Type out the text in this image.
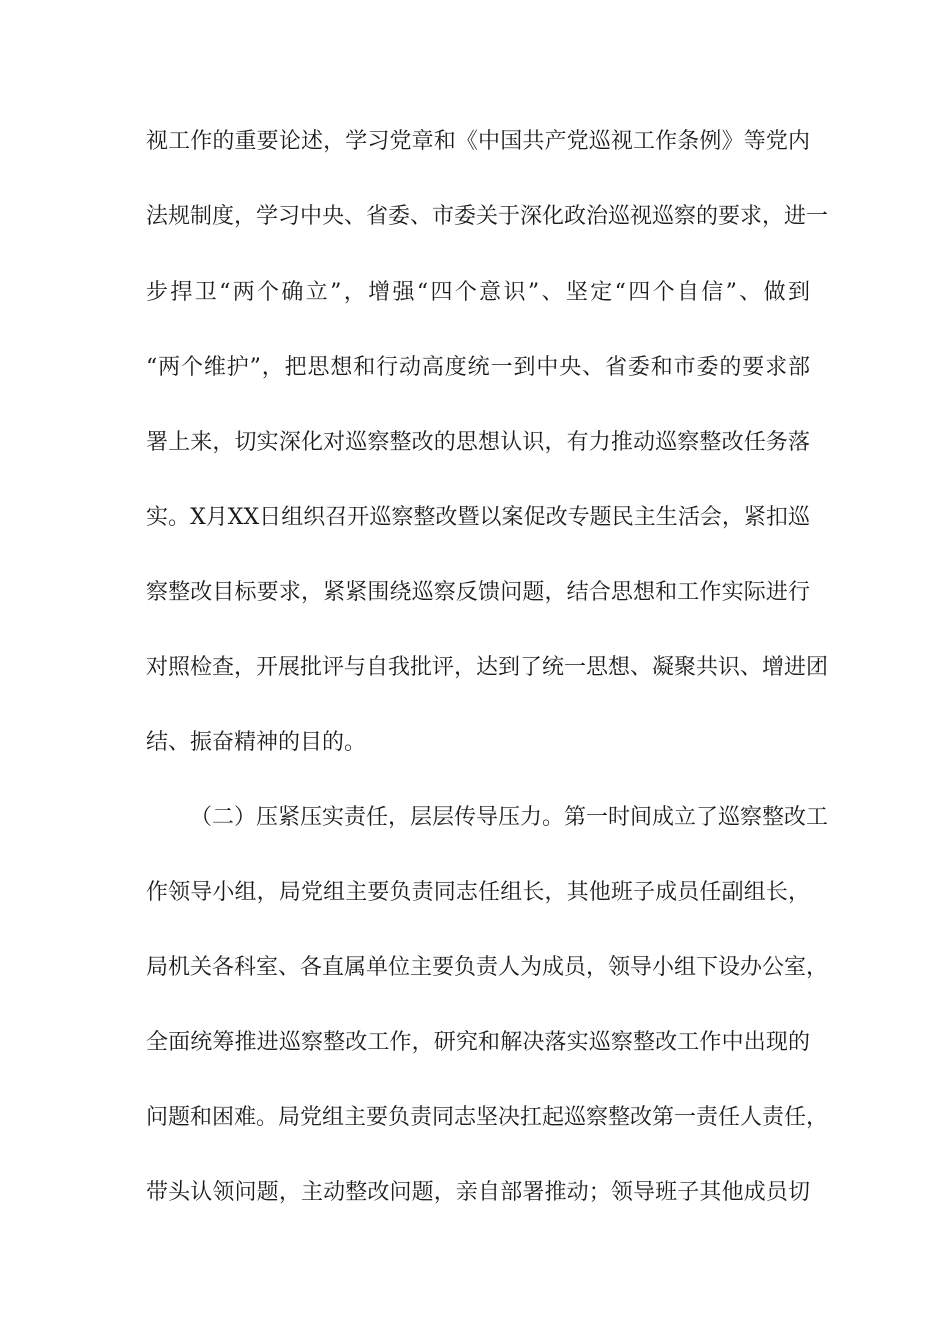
视工作的重要论述，学习党章和《中国共产党巡视工作条例》等党内
法规制度，学习中央、省委、市委关于深化政治巡视巡察的要求，进一
步捍卫“两个确立”，增强“四个意识”、坚定“四个自信”、做到
“两个维护”，把思想和行动高度统一到中央、省委和市委的要求部
署上来，切实深化对巡察整改的思想认识，有力推动巡察整改任务落
实。X月XX日组织召开巡察整改暨以案促改专题民主生活会，紧扣巡
察整改目标要求，紧紧围绕巡察反馈问题，结合思想和工作实际进行
对照检查，开展批评与自我批评，达到了统一思想、凝聚共识、增进团
结、振奋精神的目的。
（二）压紧压实责任，层层传导压力。第一时间成立了巡察整改工
作领导小组，局党组主要负责同志任组长，其他班子成员任副组长，
局机关各科室、各直属单位主要负责人为成员，领导小组下设办公室，
全面统筹推进巡察整改工作，研究和解决落实巡察整改工作中出现的
问题和困难。局党组主要负责同志坚决扛起巡察整改第一责任人责任，
带头认领问题，主动整改问题，亲自部署推动；领导班子其他成员切
